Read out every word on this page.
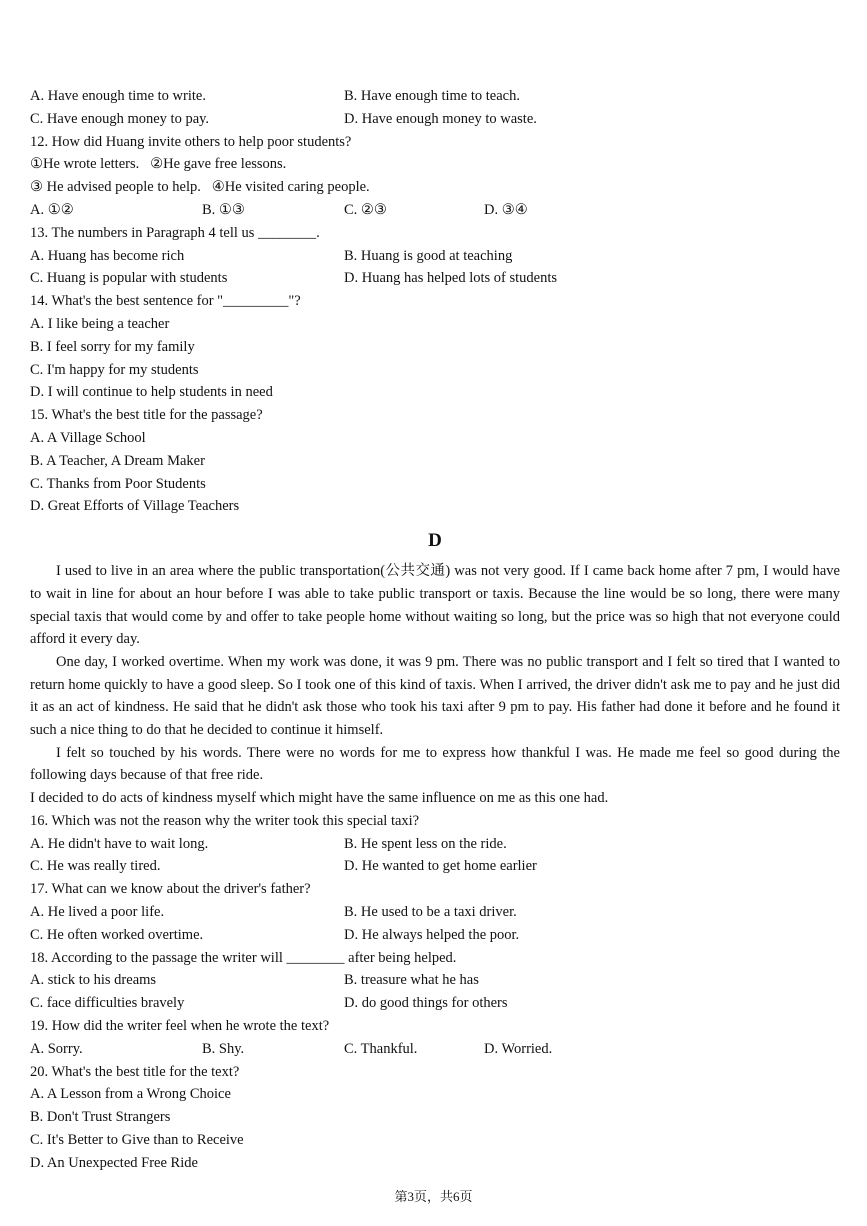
A. Have enough time to write.	B. Have enough time to teach.
C. Have enough money to pay.	D. Have enough money to waste.
12. How did Huang invite others to help poor students?
①He wrote letters. ②He gave free lessons.
③ He advised people to help. ④He visited caring people.
A. ①②	B. ①③	C. ②③	D. ③④
13. The numbers in Paragraph 4 tell us ________.
A. Huang has become rich	B. Huang is good at teaching
C. Huang is popular with students	D. Huang has helped lots of students
14. What's the best sentence for "_________"?
A. I like being a teacher
B. I feel sorry for my family
C. I'm happy for my students
D. I will continue to help students in need
15. What's the best title for the passage?
A. A Village School
B. A Teacher, A Dream Maker
C. Thanks from Poor Students
D. Great Efforts of Village Teachers
D

I used to live in an area where the public transportation(公共交通) was not very good. If I came back home after 7 pm, I would have to wait in line for about an hour before I was able to take public transport or taxis. Because the line would be so long, there were many special taxis that would come by and offer to take people home without waiting so long, but the price was so high that not everyone could afford it every day.

One day, I worked overtime. When my work was done, it was 9 pm. There was no public transport and I felt so tired that I wanted to return home quickly to have a good sleep. So I took one of this kind of taxis. When I arrived, the driver didn't ask me to pay and he just did it as an act of kindness. He said that he didn't ask those who took his taxi after 9 pm to pay. His father had done it before and he found it such a nice thing to do that he decided to continue it himself.

I felt so touched by his words. There were no words for me to express how thankful I was. He made me feel so good during the following days because of that free ride.

I decided to do acts of kindness myself which might have the same influence on me as this one had.

16. Which was not the reason why the writer took this special taxi?
A. He didn't have to wait long.	B. He spent less on the ride.
C. He was really tired.	D. He wanted to get home earlier
17. What can we know about the driver's father?
A. He lived a poor life.	B. He used to be a taxi driver.
C. He often worked overtime.	D. He always helped the poor.
18. According to the passage the writer will ________ after being helped.
A. stick to his dreams	B. treasure what he has
C. face difficulties bravely	D. do good things for others
19. How did the writer feel when he wrote the text?
A. Sorry.	B. Shy.	C. Thankful.	D. Worried.
20. What's the best title for the text?
A. A Lesson from a Wrong Choice
B. Don't Trust Strangers
C. It's Better to Give than to Receive
D. An Unexpected Free Ride
第3页，共6页
